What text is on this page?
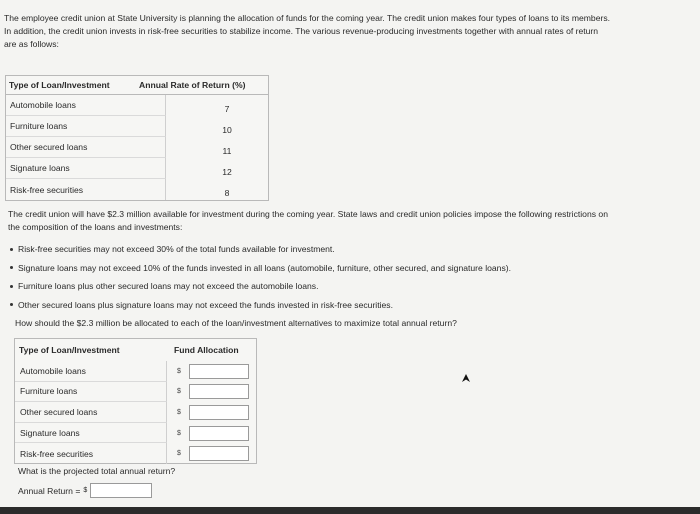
The employee credit union at State University is planning the allocation of funds for the coming year. The credit union makes four types of loans to its members.
In addition, the credit union invests in risk-free securities to stabilize income. The various revenue-producing investments together with annual rates of return
are as follows:
Type of Loan/Investment	Annual Rate of Return (%)
Automobile loans	7
Furniture loans	10
Other secured loans	11
Signature loans	12
Risk-free securities	8
The credit union will have $2.3 million available for investment during the coming year. State laws and credit union policies impose the following restrictions on
the composition of the loans and investments:
Risk-free securities may not exceed 30% of the total funds available for investment.
Signature loans may not exceed 10% of the funds invested in all loans (automobile, furniture, other secured, and signature loans).
Furniture loans plus other secured loans may not exceed the automobile loans.
Other secured loans plus signature loans may not exceed the funds invested in risk-free securities.
How should the $2.3 million be allocated to each of the loan/investment alternatives to maximize total annual return?
Type of Loan/Investment	Fund Allocation
Automobile loans	$
Furniture loans	$
Other secured loans	$
Signature loans	$
Risk-free securities	$
What is the projected total annual return?
Annual Return = $
